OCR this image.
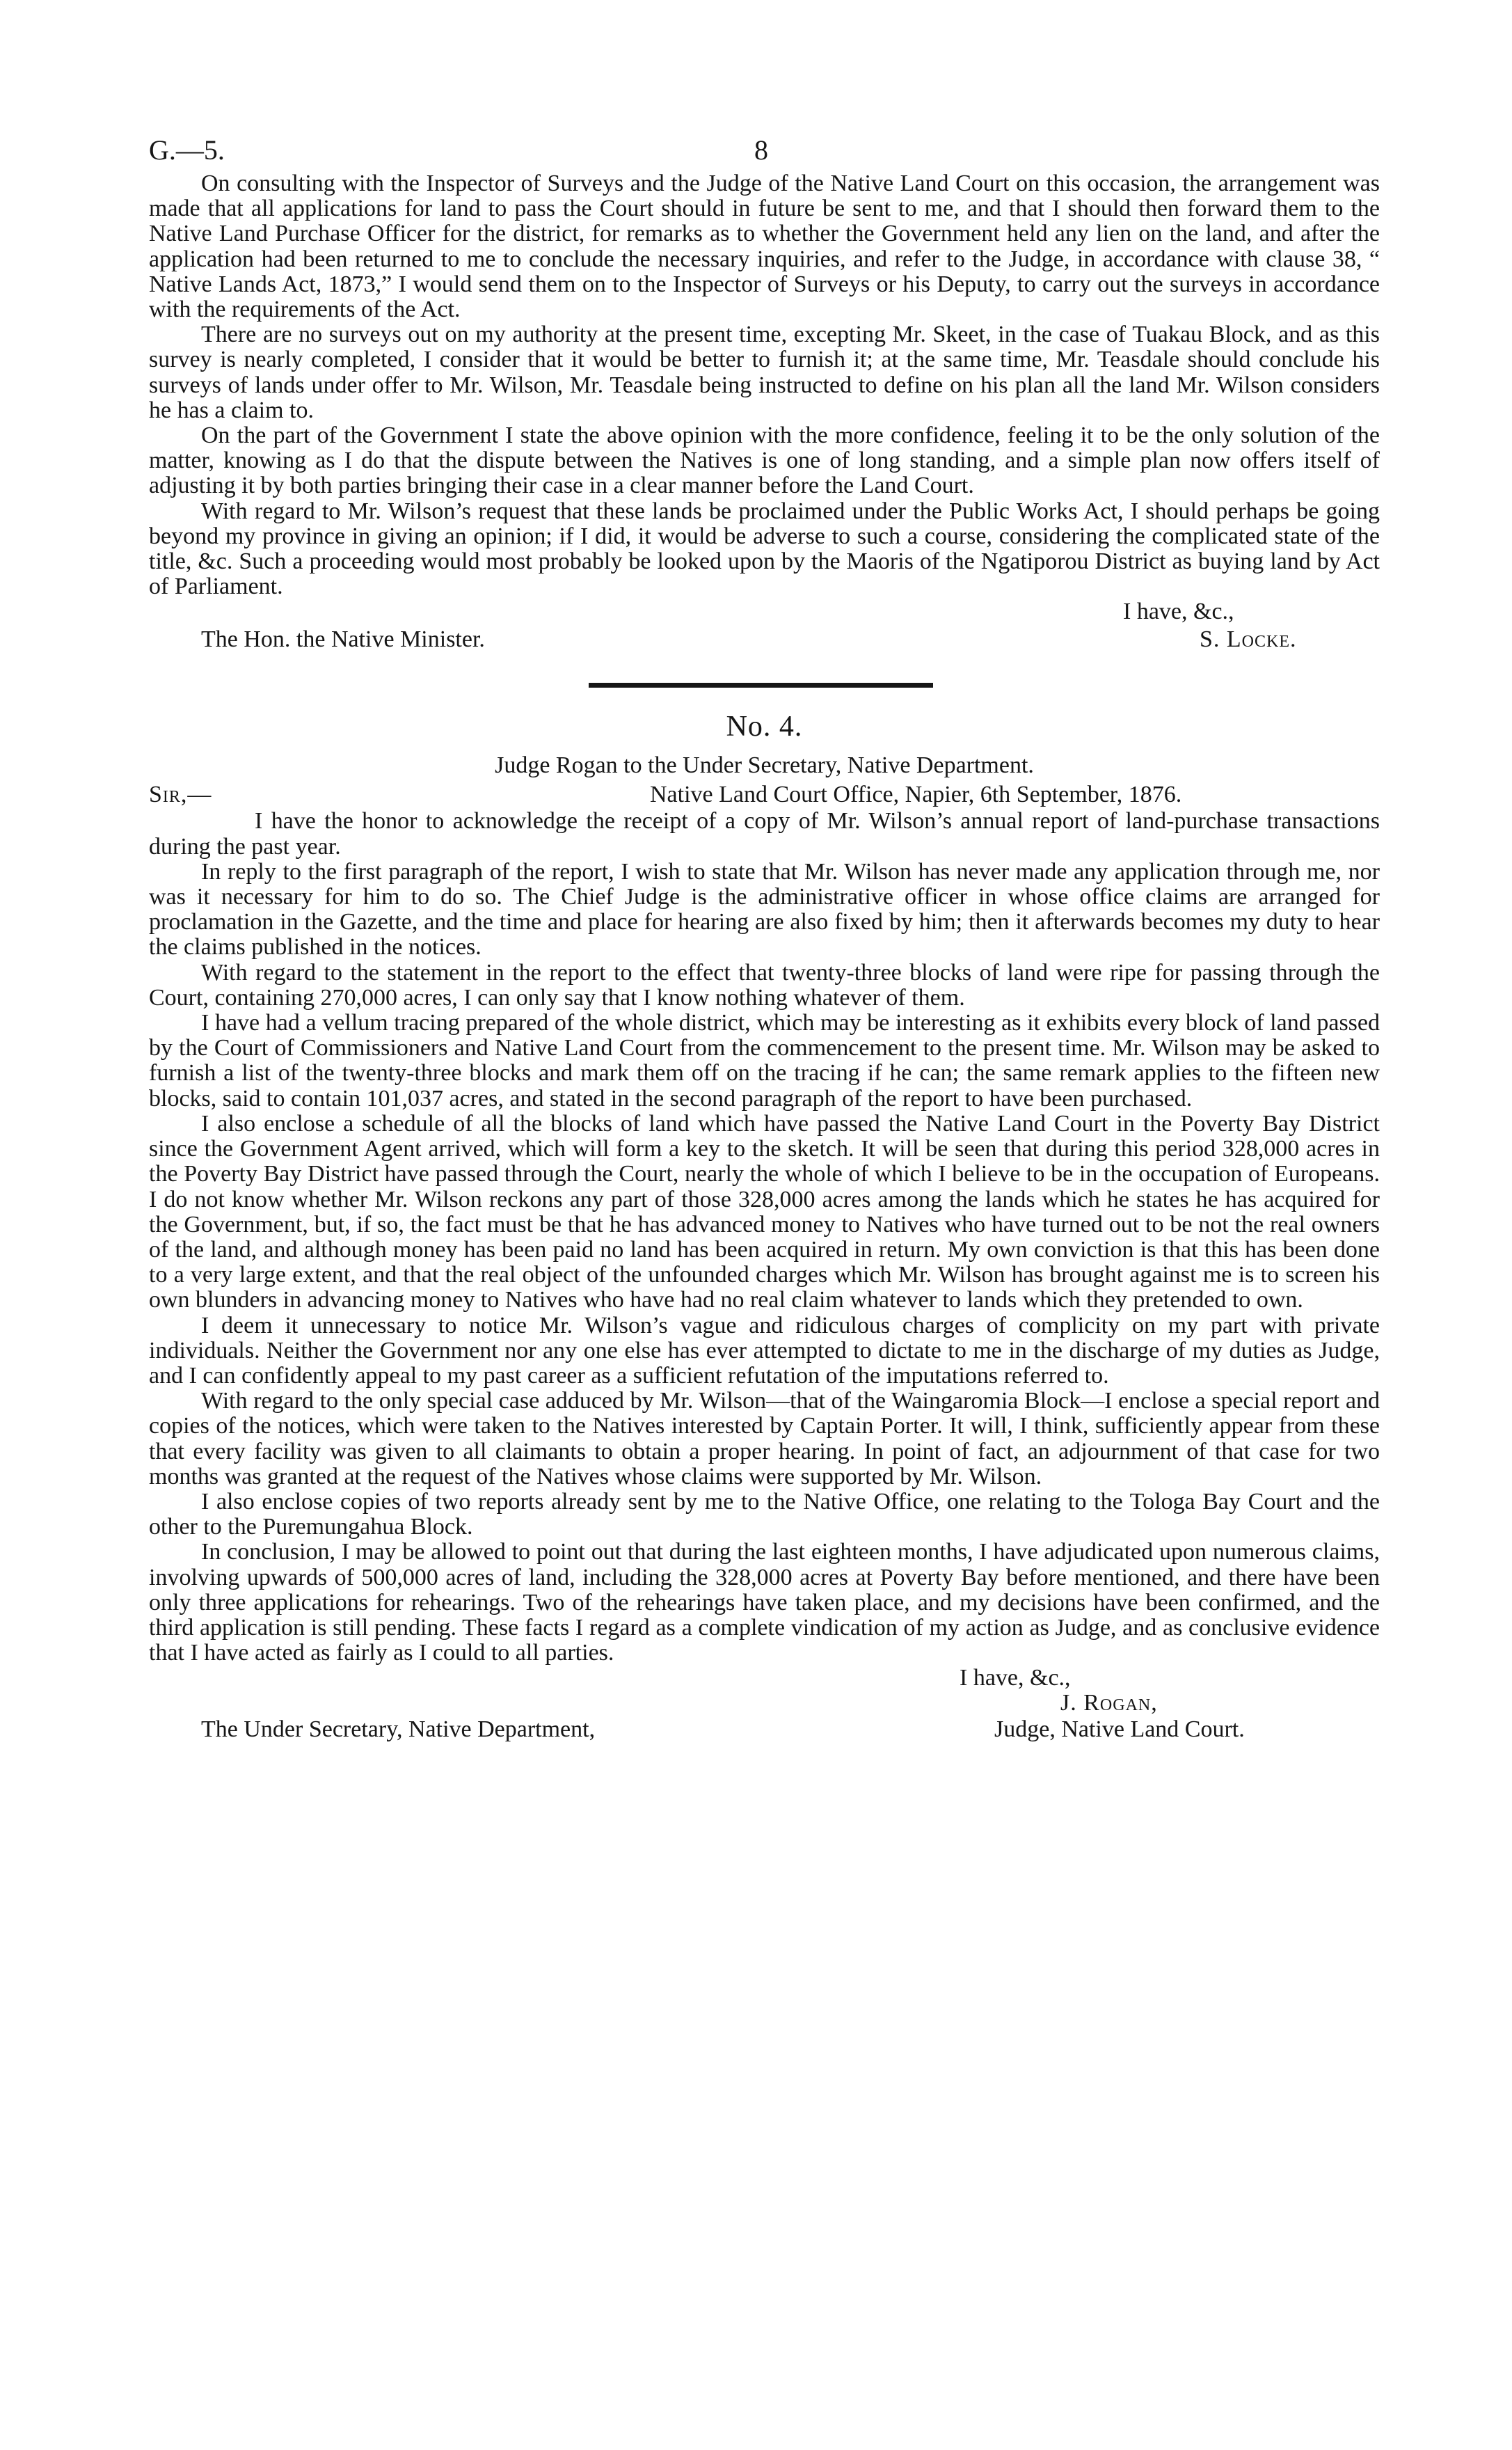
G.—5.	8

On consulting with the Inspector of Surveys and the Judge of the Native Land Court on this occasion, the arrangement was made that all applications for land to pass the Court should in future be sent to me, and that I should then forward them to the Native Land Purchase Officer for the district, for remarks as to whether the Government held any lien on the land, and after the application had been returned to me to conclude the necessary inquiries, and refer to the Judge, in accordance with clause 38, “ Native Lands Act, 1873,” I would send them on to the Inspector of Surveys or his Deputy, to carry out the surveys in accordance with the requirements of the Act.

There are no surveys out on my authority at the present time, excepting Mr. Skeet, in the case of Tuakau Block, and as this survey is nearly completed, I consider that it would be better to furnish it; at the same time, Mr. Teasdale should conclude his surveys of lands under offer to Mr. Wilson, Mr. Teasdale being instructed to define on his plan all the land Mr. Wilson considers he has a claim to.

On the part of the Government I state the above opinion with the more confidence, feeling it to be the only solution of the matter, knowing as I do that the dispute between the Natives is one of long standing, and a simple plan now offers itself of adjusting it by both parties bringing their case in a clear manner before the Land Court.

With regard to Mr. Wilson’s request that these lands be proclaimed under the Public Works Act, I should perhaps be going beyond my province in giving an opinion; if I did, it would be adverse to such a course, considering the complicated state of the title, &c. Such a proceeding would most probably be looked upon by the Maoris of the Ngatiporou District as buying land by Act of Parliament.

I have, &c.,
The Hon. the Native Minister.	S. Locke.
No. 4.
Judge Rogan to the Under Secretary, Native Department.
Sir,—	Native Land Court Office, Napier, 6th September, 1876.

I have the honor to acknowledge the receipt of a copy of Mr. Wilson’s annual report of land-purchase transactions during the past year.

In reply to the first paragraph of the report, I wish to state that Mr. Wilson has never made any application through me, nor was it necessary for him to do so. The Chief Judge is the administrative officer in whose office claims are arranged for proclamation in the Gazette, and the time and place for hearing are also fixed by him; then it afterwards becomes my duty to hear the claims published in the notices.

With regard to the statement in the report to the effect that twenty-three blocks of land were ripe for passing through the Court, containing 270,000 acres, I can only say that I know nothing whatever of them.

I have had a vellum tracing prepared of the whole district, which may be interesting as it exhibits every block of land passed by the Court of Commissioners and Native Land Court from the commencement to the present time. Mr. Wilson may be asked to furnish a list of the twenty-three blocks and mark them off on the tracing if he can; the same remark applies to the fifteen new blocks, said to contain 101,037 acres, and stated in the second paragraph of the report to have been purchased.

I also enclose a schedule of all the blocks of land which have passed the Native Land Court in the Poverty Bay District since the Government Agent arrived, which will form a key to the sketch. It will be seen that during this period 328,000 acres in the Poverty Bay District have passed through the Court, nearly the whole of which I believe to be in the occupation of Europeans. I do not know whether Mr. Wilson reckons any part of those 328,000 acres among the lands which he states he has acquired for the Government, but, if so, the fact must be that he has advanced money to Natives who have turned out to be not the real owners of the land, and although money has been paid no land has been acquired in return. My own conviction is that this has been done to a very large extent, and that the real object of the unfounded charges which Mr. Wilson has brought against me is to screen his own blunders in advancing money to Natives who have had no real claim whatever to lands which they pretended to own.

I deem it unnecessary to notice Mr. Wilson’s vague and ridiculous charges of complicity on my part with private individuals. Neither the Government nor any one else has ever attempted to dictate to me in the discharge of my duties as Judge, and I can confidently appeal to my past career as a sufficient refutation of the imputations referred to.

With regard to the only special case adduced by Mr. Wilson—that of the Waingaromia Block—I enclose a special report and copies of the notices, which were taken to the Natives interested by Captain Porter. It will, I think, sufficiently appear from these that every facility was given to all claimants to obtain a proper hearing. In point of fact, an adjournment of that case for two months was granted at the request of the Natives whose claims were supported by Mr. Wilson.

I also enclose copies of two reports already sent by me to the Native Office, one relating to the Tologa Bay Court and the other to the Puremungahua Block.

In conclusion, I may be allowed to point out that during the last eighteen months, I have adjudicated upon numerous claims, involving upwards of 500,000 acres of land, including the 328,000 acres at Poverty Bay before mentioned, and there have been only three applications for rehearings. Two of the rehearings have taken place, and my decisions have been confirmed, and the third application is still pending. These facts I regard as a complete vindication of my action as Judge, and as conclusive evidence that I have acted as fairly as I could to all parties.

I have, &c.,
J. Rogan,
The Under Secretary, Native Department,	Judge, Native Land Court.
